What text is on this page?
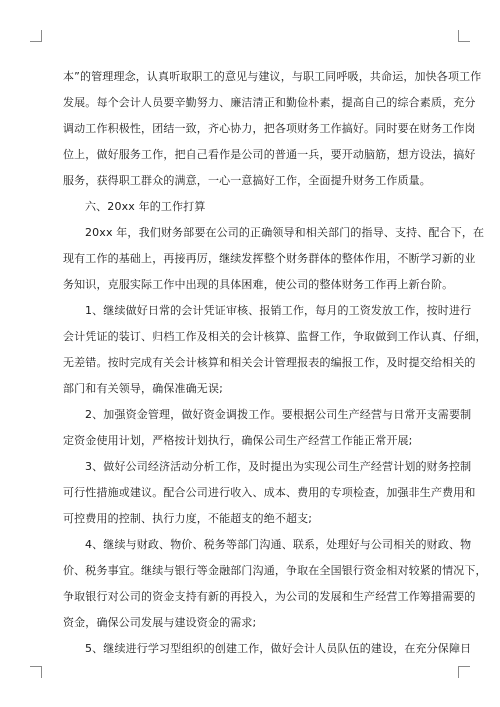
本”的管理理念，认真听取职工的意见与建议，与职工同呼吸，共命运，加快各项工作
发展。每个会计人员要辛勤努力、廉洁清正和勤俭朴素，提高自己的综合素质，充分
调动工作积极性，团结一致，齐心协力，把各项财务工作搞好。同时要在财务工作岗
位上，做好服务工作，把自己看作是公司的普通一兵，要开动脑筋，想方设法，搞好
服务，获得职工群众的满意，一心一意搞好工作，全面提升财务工作质量。
六、20xx 年的工作打算
20xx 年，我们财务部要在公司的正确领导和相关部门的指导、支持、配合下，在
现有工作的基础上，再接再厉，继续发挥整个财务群体的整体作用，不断学习新的业
务知识，克服实际工作中出现的具体困难，使公司的整体财务工作再上新台阶。
1、继续做好日常的会计凭证审核、报销工作，每月的工资发放工作，按时进行
会计凭证的装订、归档工作及相关的会计核算、监督工作，争取做到工作认真、仔细，
无差错。按时完成有关会计核算和相关会计管理报表的编报工作，及时提交给相关的
部门和有关领导，确保准确无误;
2、加强资金管理，做好资金调拨工作。要根据公司生产经营与日常开支需要制
定资金使用计划，严格按计划执行，确保公司生产经营工作能正常开展;
3、做好公司经济活动分析工作，及时提出为实现公司生产经营计划的财务控制
可行性措施或建议。配合公司进行收入、成本、费用的专项检查，加强非生产费用和
可控费用的控制、执行力度，不能超支的绝不超支;
4、继续与财政、物价、税务等部门沟通、联系，处理好与公司相关的财政、物
价、税务事宜。继续与银行等金融部门沟通，争取在全国银行资金相对较紧的情况下，
争取银行对公司的资金支持有新的再投入，为公司的发展和生产经营工作筹措需要的
资金，确保公司发展与建设资金的需求;
5、继续进行学习型组织的创建工作，做好会计人员队伍的建设，在充分保障日
